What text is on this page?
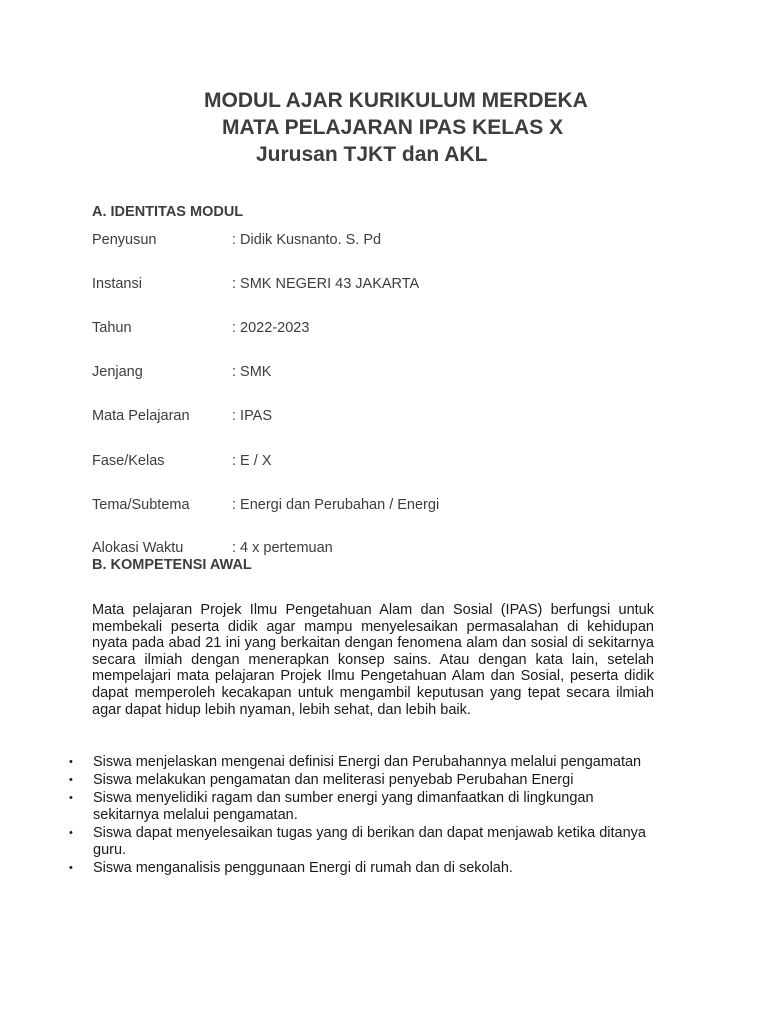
MODUL AJAR KURIKULUM MERDEKA
MATA PELAJARAN IPAS KELAS X
Jurusan TJKT dan AKL
A. IDENTITAS MODUL
Penyusun	: Didik Kusnanto. S. Pd
Instansi	: SMK NEGERI 43 JAKARTA
Tahun	: 2022-2023
Jenjang	: SMK
Mata Pelajaran	: IPAS
Fase/Kelas	: E / X
Tema/Subtema	: Energi dan Perubahan / Energi
Alokasi Waktu	: 4 x pertemuan
B. KOMPETENSI AWAL
Mata pelajaran Projek Ilmu Pengetahuan Alam dan Sosial (IPAS) berfungsi untuk membekali peserta didik agar mampu menyelesaikan permasalahan di kehidupan nyata pada abad 21 ini yang berkaitan dengan fenomena alam dan sosial di sekitarnya secara ilmiah dengan menerapkan konsep sains. Atau dengan kata lain, setelah mempelajari mata pelajaran Projek Ilmu Pengetahuan Alam dan Sosial, peserta didik dapat memperoleh kecakapan untuk mengambil keputusan yang tepat secara ilmiah agar dapat hidup lebih nyaman, lebih sehat, dan lebih baik.
• Siswa menjelaskan mengenai definisi Energi dan Perubahannya melalui pengamatan
• Siswa melakukan pengamatan dan meliterasi penyebab Perubahan Energi
• Siswa menyelidiki ragam dan sumber energi yang dimanfaatkan di lingkungan sekitarnya melalui pengamatan.
• Siswa dapat menyelesaikan tugas yang di berikan dan dapat menjawab ketika ditanya guru.
• Siswa menganalisis penggunaan Energi di rumah dan di sekolah.
